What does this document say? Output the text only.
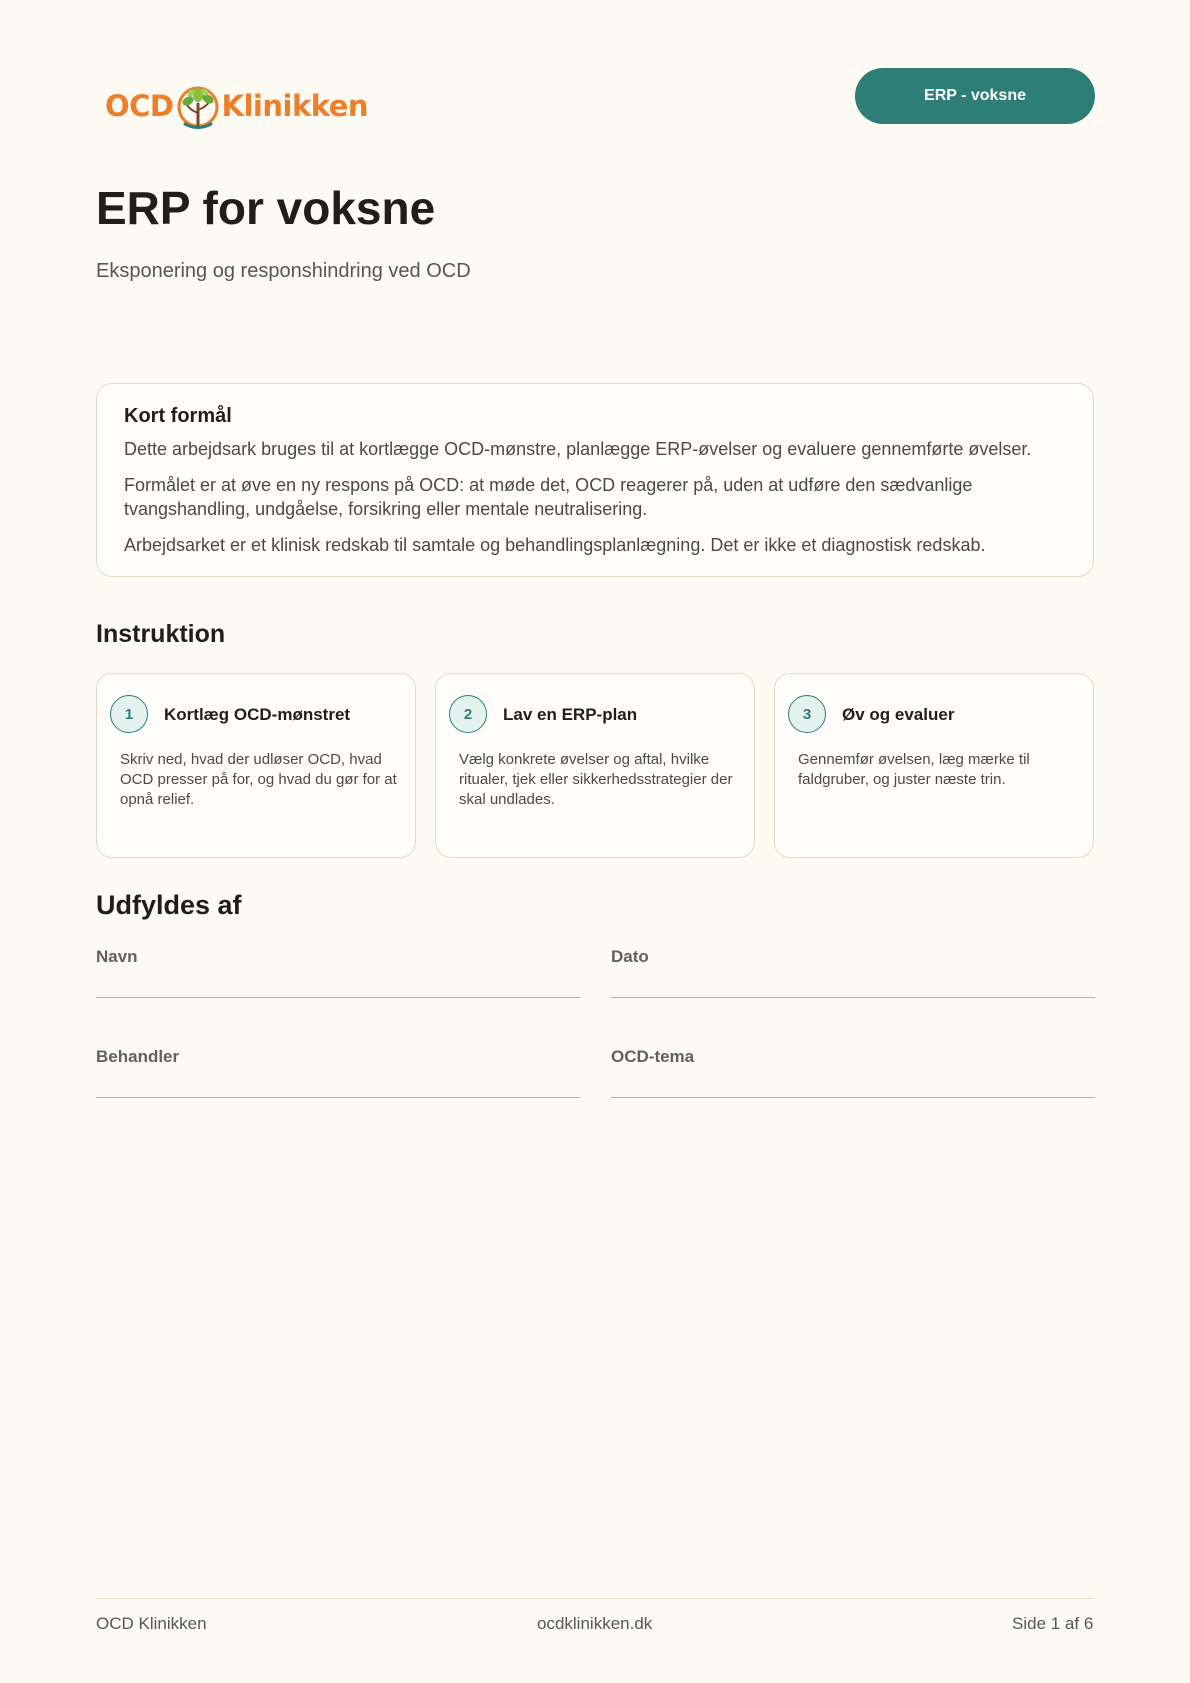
OCD Klinikken	ERP - voksne
ERP for voksne
Eksponering og responshindring ved OCD
Kort formål

Dette arbejdsark bruges til at kortlægge OCD-mønstre, planlægge ERP-øvelser og evaluere gennemførte øvelser.

Formålet er at øve en ny respons på OCD: at møde det, OCD reagerer på, uden at udføre den sædvanlige tvangshandling, undgåelse, forsikring eller mentale neutralisering.

Arbejdsarket er et klinisk redskab til samtale og behandlingsplanlægning. Det er ikke et diagnostisk redskab.

Instruktion
1	Kortlæg OCD-mønstret
Skriv ned, hvad der udløser OCD, hvad OCD presser på for, og hvad du gør for at opnå relief.
2	Lav en ERP-plan
Vælg konkrete øvelser og aftal, hvilke ritualer, tjek eller sikkerhedsstrategier der skal undlades.
3	Øv og evaluer
Gennemfør øvelsen, læg mærke til faldgruber, og juster næste trin.
Udfyldes af
Navn	Dato
Behandler	OCD-tema
OCD Klinikken	ocdklinikken.dk	Side 1 af 6
